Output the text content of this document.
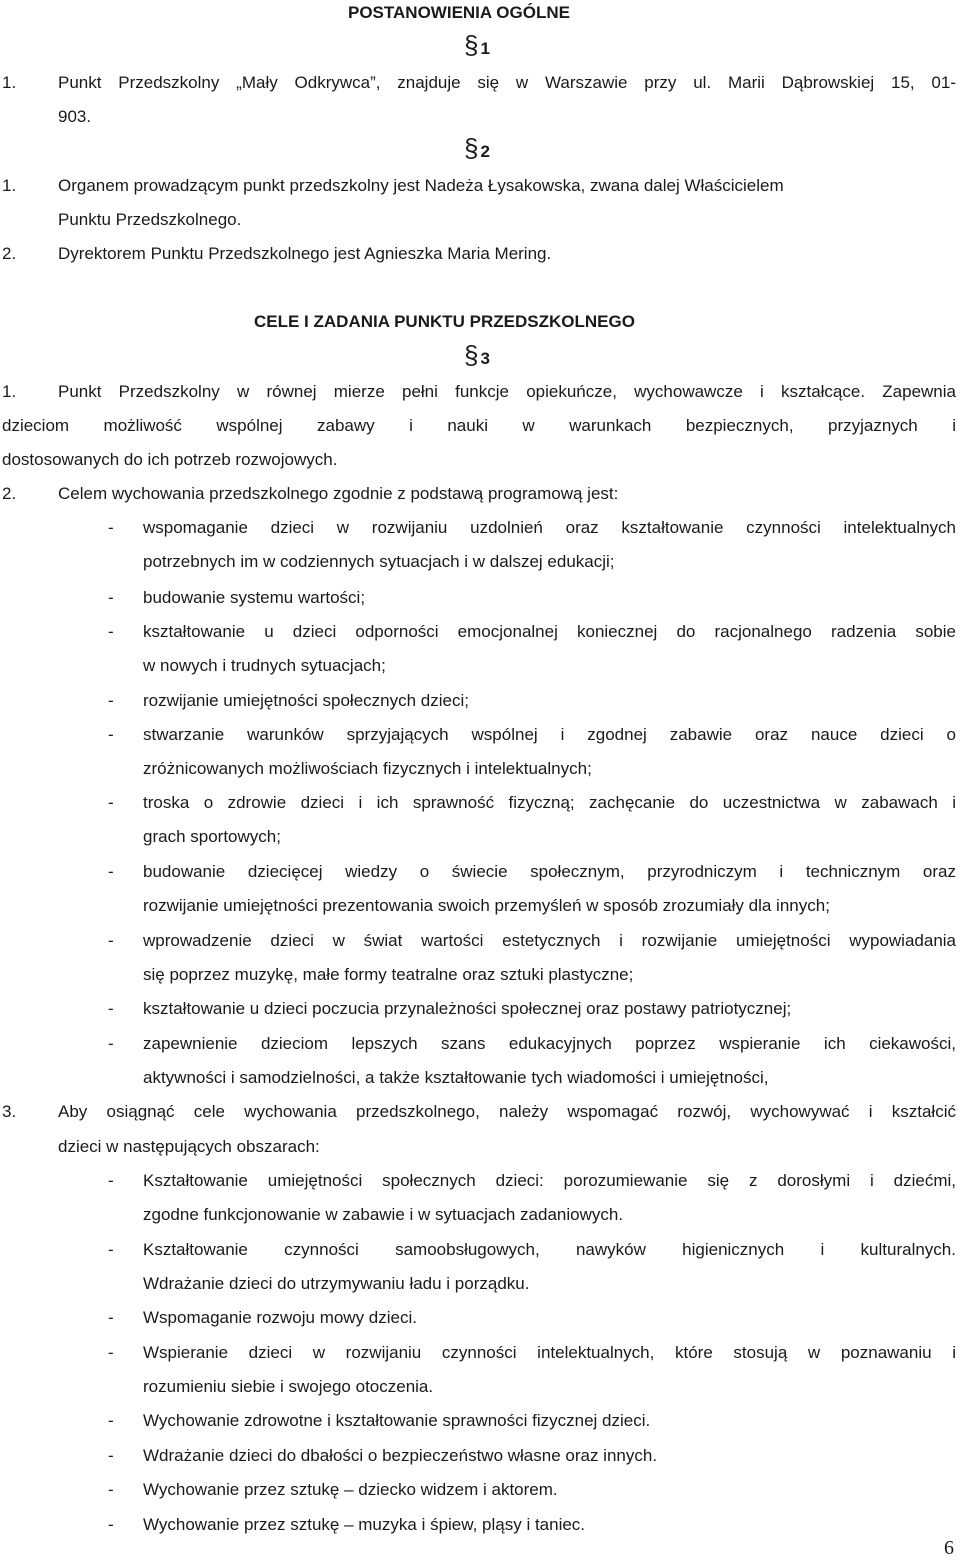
POSTANOWIENIA OGÓLNE
§ 1
1. Punkt Przedszkolny „Mały Odkrywca”, znajduje się w Warszawie przy ul. Marii Dąbrowskiej 15, 01-
903.
§ 2
1. Organem prowadzącym punkt przedszkolny jest Nadeża Łysakowska, zwana dalej Właścicielem
Punktu Przedszkolnego.
2. Dyrektorem Punktu Przedszkolnego jest Agnieszka Maria Mering.
CELE I ZADANIA PUNKTU PRZEDSZKOLNEGO
§ 3
1. Punkt Przedszkolny w równej mierze pełni funkcje opiekuńcze, wychowawcze i kształcące. Zapewnia
dzieciom możliwość wspólnej zabawy i nauki w warunkach bezpiecznych, przyjaznych i
dostosowanych do ich potrzeb rozwojowych.
2. Celem wychowania przedszkolnego zgodnie z podstawą programową jest:
- wspomaganie dzieci w rozwijaniu uzdolnień oraz kształtowanie czynności intelektualnych
potrzebnych im w codziennych sytuacjach i w dalszej edukacji;
- budowanie systemu wartości;
- kształtowanie u dzieci odporności emocjonalnej koniecznej do racjonalnego radzenia sobie
w nowych i trudnych sytuacjach;
- rozwijanie umiejętności społecznych dzieci;
- stwarzanie warunków sprzyjających wspólnej i zgodnej zabawie oraz nauce dzieci o
zróżnicowanych możliwościach fizycznych i intelektualnych;
- troska o zdrowie dzieci i ich sprawność fizyczną; zachęcanie do uczestnictwa w zabawach i
grach sportowych;
- budowanie dziecięcej wiedzy o świecie społecznym, przyrodniczym i technicznym oraz
rozwijanie umiejętności prezentowania swoich przemyśleń w sposób zrozumiały dla innych;
- wprowadzenie dzieci w świat wartości estetycznych i rozwijanie umiejętności wypowiadania
się poprzez muzykę, małe formy teatralne oraz sztuki plastyczne;
- kształtowanie u dzieci poczucia przynależności społecznej oraz postawy patriotycznej;
- zapewnienie dzieciom lepszych szans edukacyjnych poprzez wspieranie ich ciekawości,
aktywności i samodzielności, a także kształtowanie tych wiadomości i umiejętności,
3. Aby osiągnąć cele wychowania przedszkolnego, należy wspomagać rozwój, wychowywać i kształcić
dzieci w następujących obszarach:
- Kształtowanie umiejętności społecznych dzieci: porozumiewanie się z dorosłymi i dziećmi,
zgodne funkcjonowanie w zabawie i w sytuacjach zadaniowych.
- Kształtowanie czynności samoobsługowych, nawyków higienicznych i kulturalnych.
Wdrażanie dzieci do utrzymywaniu ładu i porządku.
- Wspomaganie rozwoju mowy dzieci.
- Wspieranie dzieci w rozwijaniu czynności intelektualnych, które stosują w poznawaniu i
rozumieniu siebie i swojego otoczenia.
- Wychowanie zdrowotne i kształtowanie sprawności fizycznej dzieci.
- Wdrażanie dzieci do dbałości o bezpieczeństwo własne oraz innych.
- Wychowanie przez sztukę – dziecko widzem i aktorem.
- Wychowanie przez sztukę – muzyka i śpiew, pląsy i taniec.
6
